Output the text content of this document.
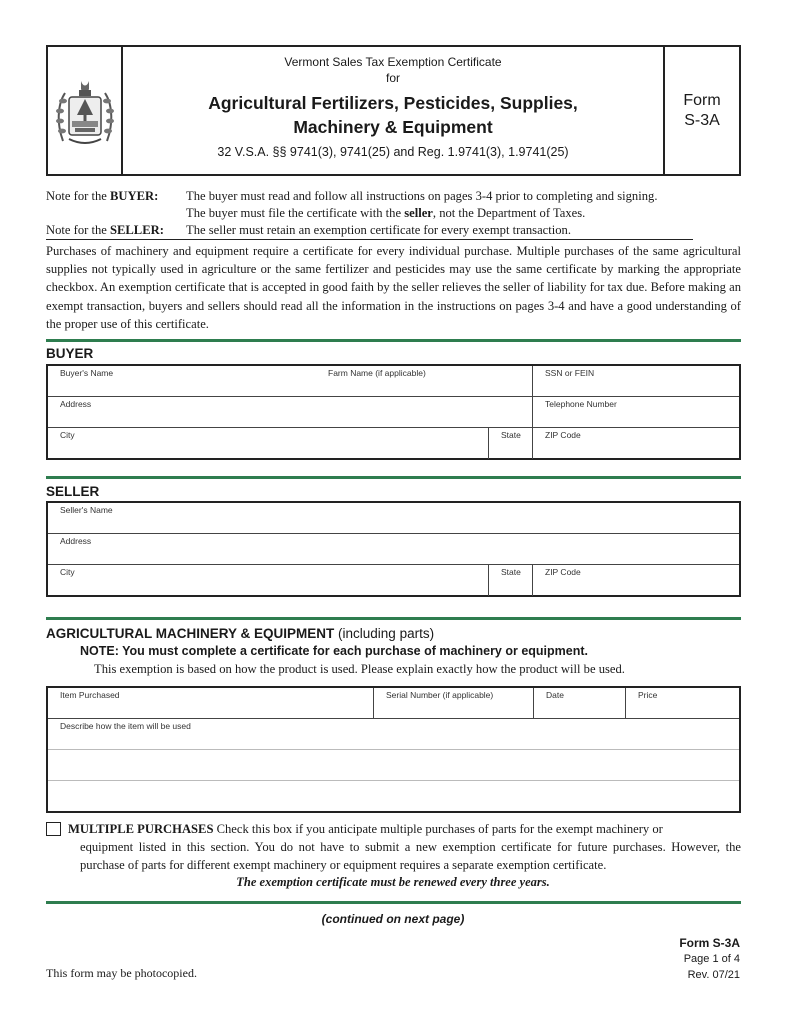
Vermont Sales Tax Exemption Certificate
for
Agricultural Fertilizers, Pesticides, Supplies,
Machinery & Equipment
32 V.S.A. §§ 9741(3), 9741(25) and Reg. 1.9741(3), 1.9741(25)
Form
S-3A
Note for the BUYER:	The buyer must read and follow all instructions on pages 3-4 prior to completing and signing.
The buyer must file the certificate with the seller, not the Department of Taxes.
Note for the SELLER:	The seller must retain an exemption certificate for every exempt transaction.
Purchases of machinery and equipment require a certificate for every individual purchase. Multiple purchases of the same agricultural supplies not typically used in agriculture or the same fertilizer and pesticides may use the same certificate by marking the appropriate checkbox. An exemption certificate that is accepted in good faith by the seller relieves the seller of liability for tax due. Before making an exempt transaction, buyers and sellers should read all the information in the instructions on pages 3-4 and have a good understanding of the proper use of this certificate.
BUYER
Buyer's Name	Farm Name (if applicable)	SSN or FEIN
Address	Telephone Number
City	State	ZIP Code
SELLER
Seller's Name
Address
City	State	ZIP Code
AGRICULTURAL MACHINERY & EQUIPMENT (including parts)
NOTE: You must complete a certificate for each purchase of machinery or equipment.
This exemption is based on how the product is used. Please explain exactly how the product will be used.
Item Purchased	Serial Number (if applicable)	Date	Price
Describe how the item will be used
MULTIPLE PURCHASES Check this box if you anticipate multiple purchases of parts for the exempt machinery or
equipment listed in this section. You do not have to submit a new exemption certificate for future purchases. However, the purchase of parts for different exempt machinery or equipment requires a separate exemption certificate.
The exemption certificate must be renewed every three years.
(continued on next page)
Form S-3A
Page 1 of 4
Rev. 07/21
This form may be photocopied.
